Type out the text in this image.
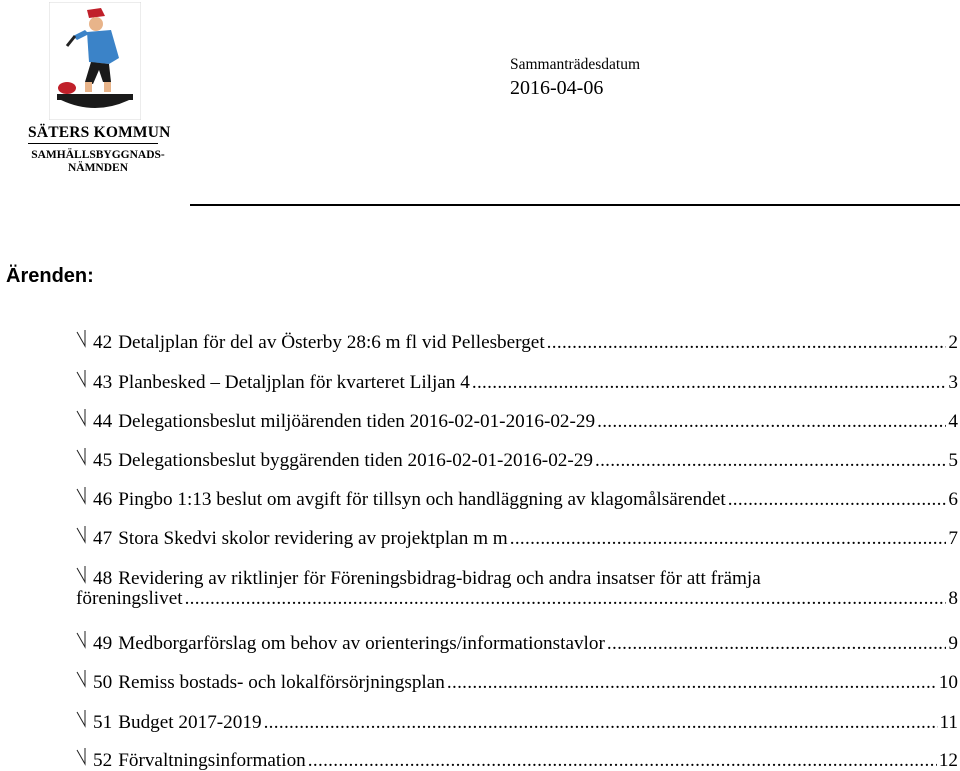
SÄTERS KOMMUN
SAMHÄLLSBYGGNADS-
NÄMNDEN
Sammanträdesdatum
2016-04-06
Ärenden:
42 Detaljplan för del av Österby 28:6 m fl vid Pellesberget .....	2
43 Planbesked – Detaljplan för kvarteret Liljan 4 .....	3
44 Delegationsbeslut miljöärenden tiden 2016-02-01-2016-02-29 .....	4
45 Delegationsbeslut byggärenden tiden 2016-02-01-2016-02-29 .....	5
46 Pingbo 1:13 beslut om avgift för tillsyn och handläggning av klagomålsärendet .....	6
47 Stora Skedvi skolor revidering av projektplan m m .....	7
48 Revidering av riktlinjer för Föreningsbidrag-bidrag och andra insatser för att främja
föreningslivet .....	8
49 Medborgarförslag om behov av orienterings/informationstavlor .....	9
50 Remiss bostads- och lokalförsörjningsplan .....	10
51 Budget 2017-2019 .....	11
52 Förvaltningsinformation .....	12
